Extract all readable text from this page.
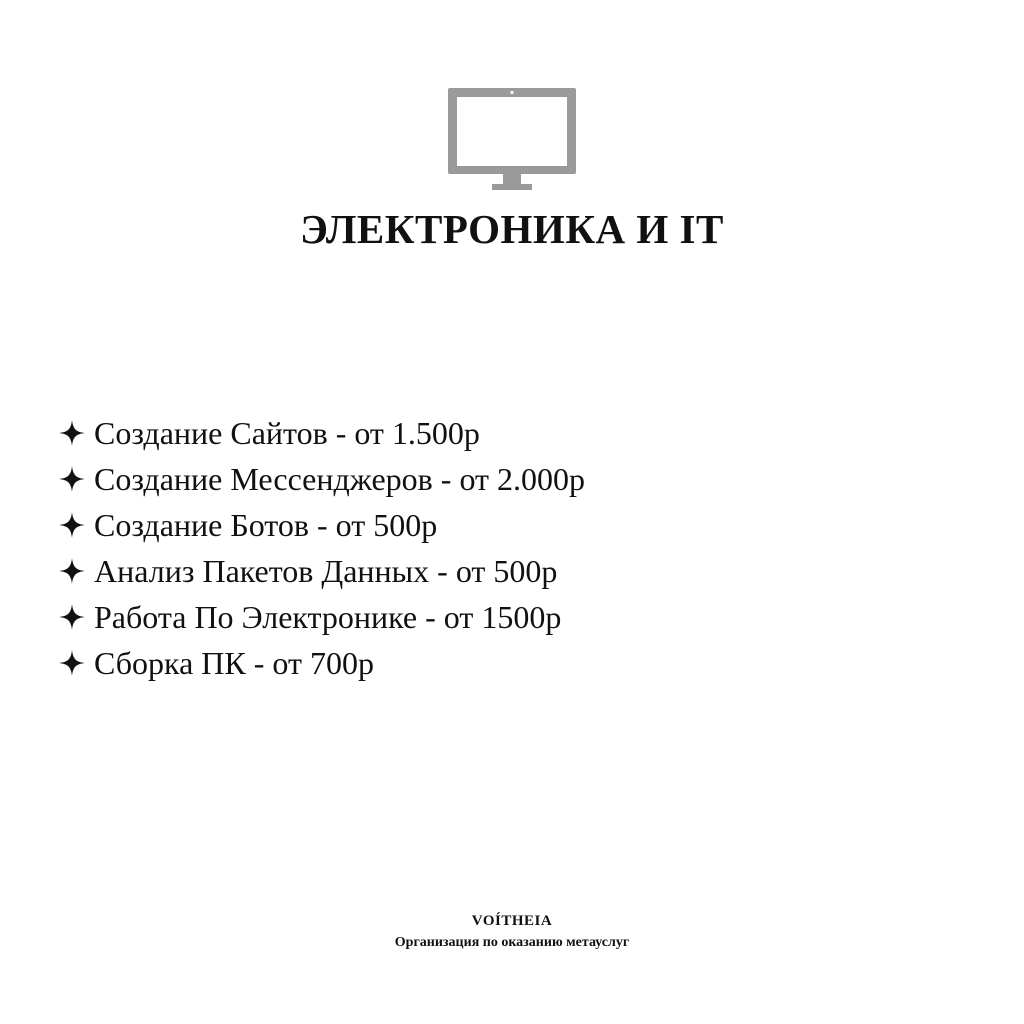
ЭЛЕКТРОНИКА И IT
Создание Сайтов - от 1.500р
Создание Мессенджеров - от 2.000р
Создание Ботов - от 500р
Анализ Пакетов Данных - от 500р
Работа По Электронике - от 1500р
Сборка ПК - от 700р
VOÍTHEIA
Организация по оказанию метауслуг
